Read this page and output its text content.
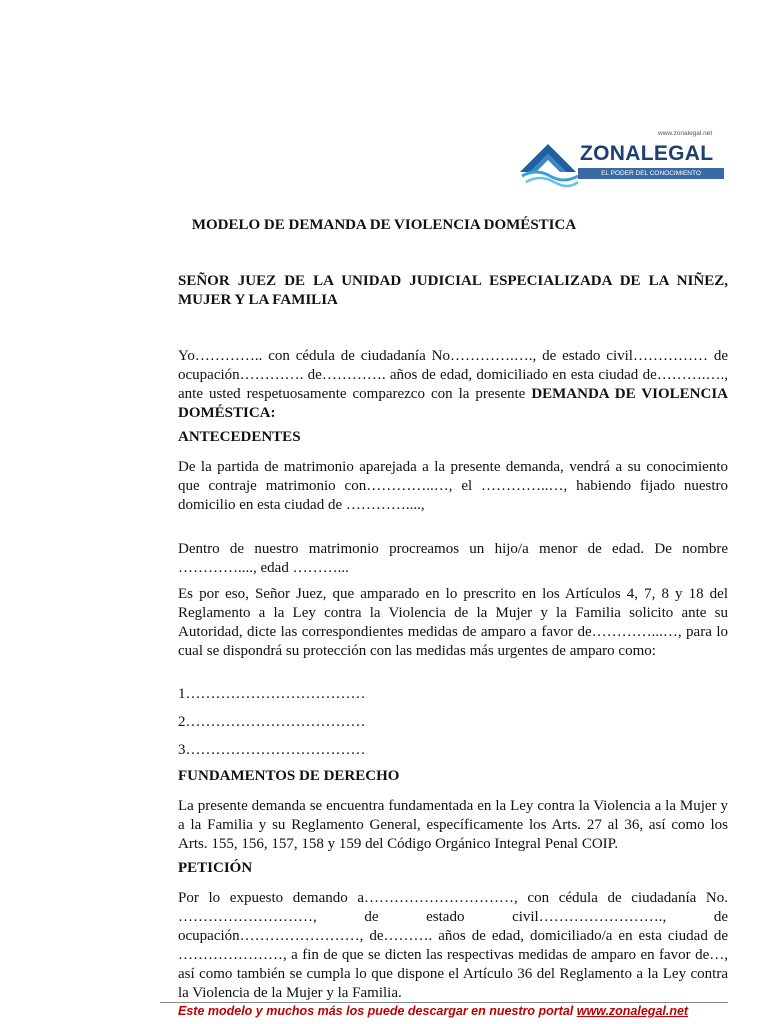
www.zonalegal.net
ZONALEGAL
EL PODER DEL CONOCIMIENTO
MODELO DE DEMANDA DE VIOLENCIA DOMÉSTICA

SEÑOR JUEZ DE LA UNIDAD JUDICIAL ESPECIALIZADA DE LA NIÑEZ, MUJER Y LA FAMILIA

Yo………….. con cédula de ciudadanía No………….…., de estado civil…………… de ocupación…………. de…………. años de edad, domiciliado en esta ciudad de……….…., ante usted respetuosamente comparezco con la presente DEMANDA DE VIOLENCIA DOMÉSTICA:

ANTECEDENTES

De la partida de matrimonio aparejada a la presente demanda, vendrá a su conocimiento que contraje matrimonio con…………..…, el …………..…, habiendo fijado nuestro domicilio en esta ciudad de …………....,

Dentro de nuestro matrimonio procreamos un hijo/a menor de edad. De nombre …………...., edad ………...

Es por eso, Señor Juez, que amparado en lo prescrito en los Artículos 4, 7, 8 y 18 del Reglamento a la Ley contra la Violencia de la Mujer y la Familia solicito ante su Autoridad, dicte las correspondientes medidas de amparo a favor de…………...…, para lo cual se dispondrá su protección con las medidas más urgentes de amparo como:

1………………………………

2………………………………

3………………………………

FUNDAMENTOS DE DERECHO

La presente demanda se encuentra fundamentada en la Ley contra la Violencia a la Mujer y a la Familia y su Reglamento General, específicamente los Arts. 27 al 36, así como los Arts. 155, 156, 157, 158 y 159 del Código Orgánico Integral Penal COIP.

PETICIÓN

Por lo expuesto demando a…………………………, con cédula de ciudadanía No. ………………………, de estado civil……………………., de ocupación……………………, de………. años de edad, domiciliado/a en esta ciudad de …………………, a fin de que se dicten las respectivas medidas de amparo en favor de…, así como también se cumpla lo que dispone el Artículo 36 del Reglamento a la Ley contra la Violencia de la Mujer y la Familia.

Este modelo y muchos más los puede descargar en nuestro portal www.zonalegal.net
